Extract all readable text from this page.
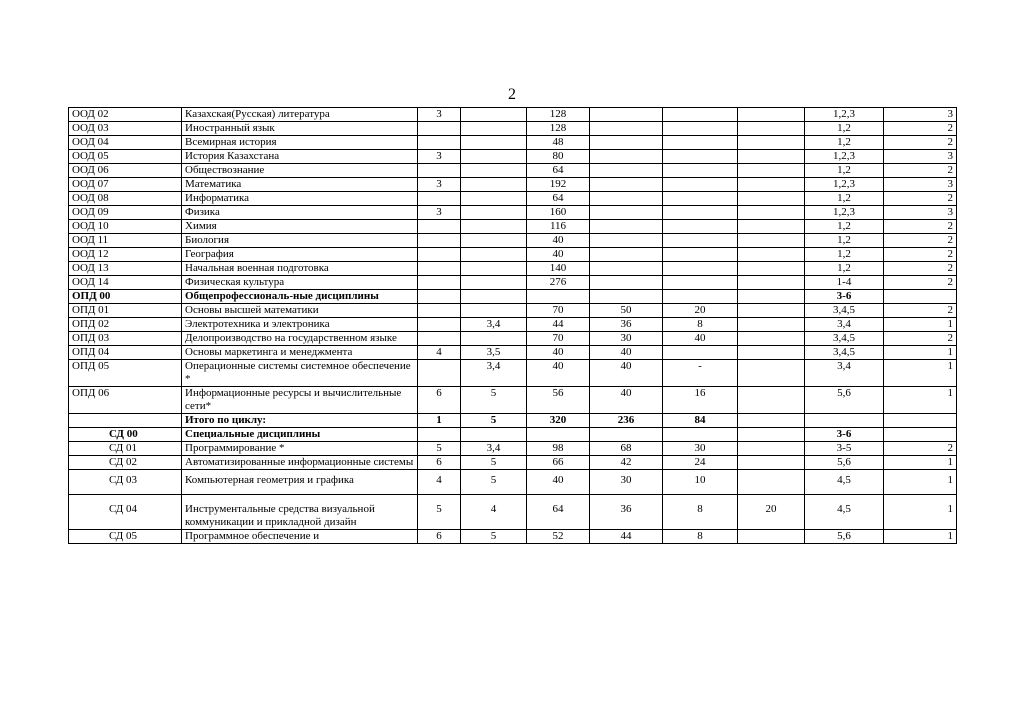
2
ООД 02	Казахская(Русская) литература	3		128				1,2,3	3
ООД 03	Иностранный язык			128				1,2	2
ООД 04	Всемирная история			48				1,2	2
ООД 05	История Казахстана	3		80				1,2,3	3
ООД 06	Обществознание			64				1,2	2
ООД 07	Математика	3		192				1,2,3	3
ООД 08	Информатика			64				1,2	2
ООД 09	Физика	3		160				1,2,3	3
ООД 10	Химия			116				1,2	2
ООД 11	Биология			40				1,2	2
ООД 12	География			40				1,2	2
ООД 13	Начальная военная подготовка			140				1,2	2
ООД 14	Физическая культура			276				1-4	2
ОПД 00	Общепрофессиональ-ные дисциплины							3-6	
ОПД 01	Основы высшей математики			70	50	20		3,4,5	2
ОПД 02	Электротехника и электроника		3,4	44	36	8		3,4	1
ОПД 03	Делопроизводство на государственном языке			70	30	40		3,4,5	2
ОПД 04	Основы маркетинга и менеджмента	4	3,5	40	40			3,4,5	1
ОПД 05	Операционные системы системное обеспечение *		3,4	40	40	-		3,4	1
ОПД 06	Информационные ресурсы и вычислительные сети*	6	5	56	40	16		5,6	1
	Итого по циклу:	1	5	320	236	84			
СД 00	Специальные дисциплины							3-6	
СД 01	Программирование *	5	3,4	98	68	30		3-5	2
СД 02	Автоматизированные информационные системы	6	5	66	42	24		5,6	1
СД 03	Компьютерная геометрия и графика	4	5	40	30	10		4,5	1
СД 04	Инструментальные средства визуальной коммуникации и прикладной дизайн	5	4	64	36	8	20	4,5	1
СД 05	Программное обеспечение и	6	5	52	44	8		5,6	1
